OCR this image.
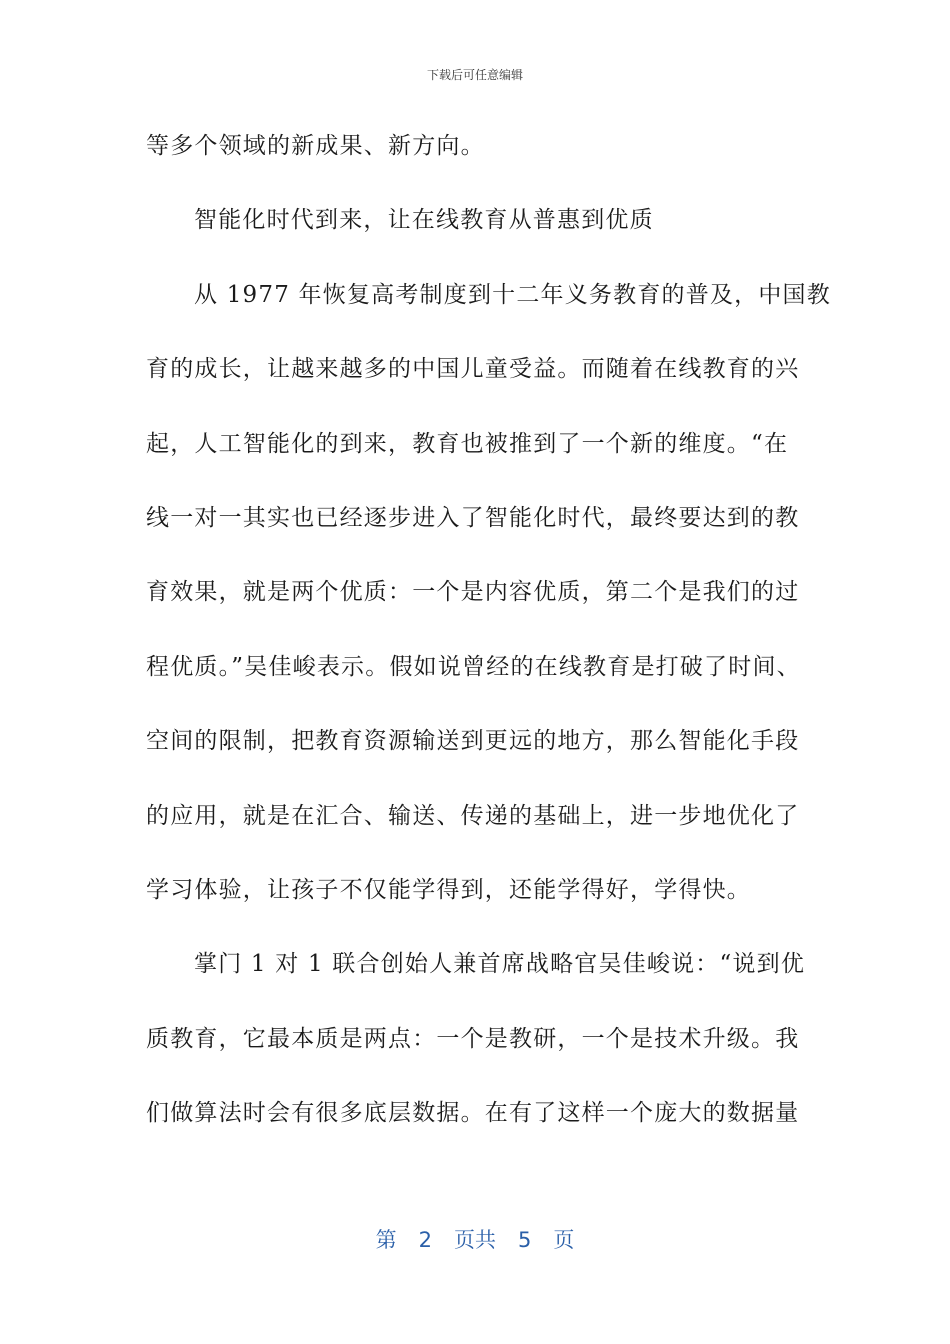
下载后可任意编辑
等多个领域的新成果、新方向。
智能化时代到来，让在线教育从普惠到优质
从 1977 年恢复高考制度到十二年义务教育的普及，中国教
育的成长，让越来越多的中国儿童受益。而随着在线教育的兴
起，人工智能化的到来，教育也被推到了一个新的维度。“在
线一对一其实也已经逐步进入了智能化时代，最终要达到的教
育效果，就是两个优质：一个是内容优质，第二个是我们的过
程优质。”吴佳峻表示。假如说曾经的在线教育是打破了时间、
空间的限制，把教育资源输送到更远的地方，那么智能化手段
的应用，就是在汇合、输送、传递的基础上，进一步地优化了
学习体验，让孩子不仅能学得到，还能学得好，学得快。
掌门 1 对 1 联合创始人兼首席战略官吴佳峻说：“说到优
质教育，它最本质是两点：一个是教研，一个是技术升级。我
们做算法时会有很多底层数据。在有了这样一个庞大的数据量
第 2 页共 5 页
